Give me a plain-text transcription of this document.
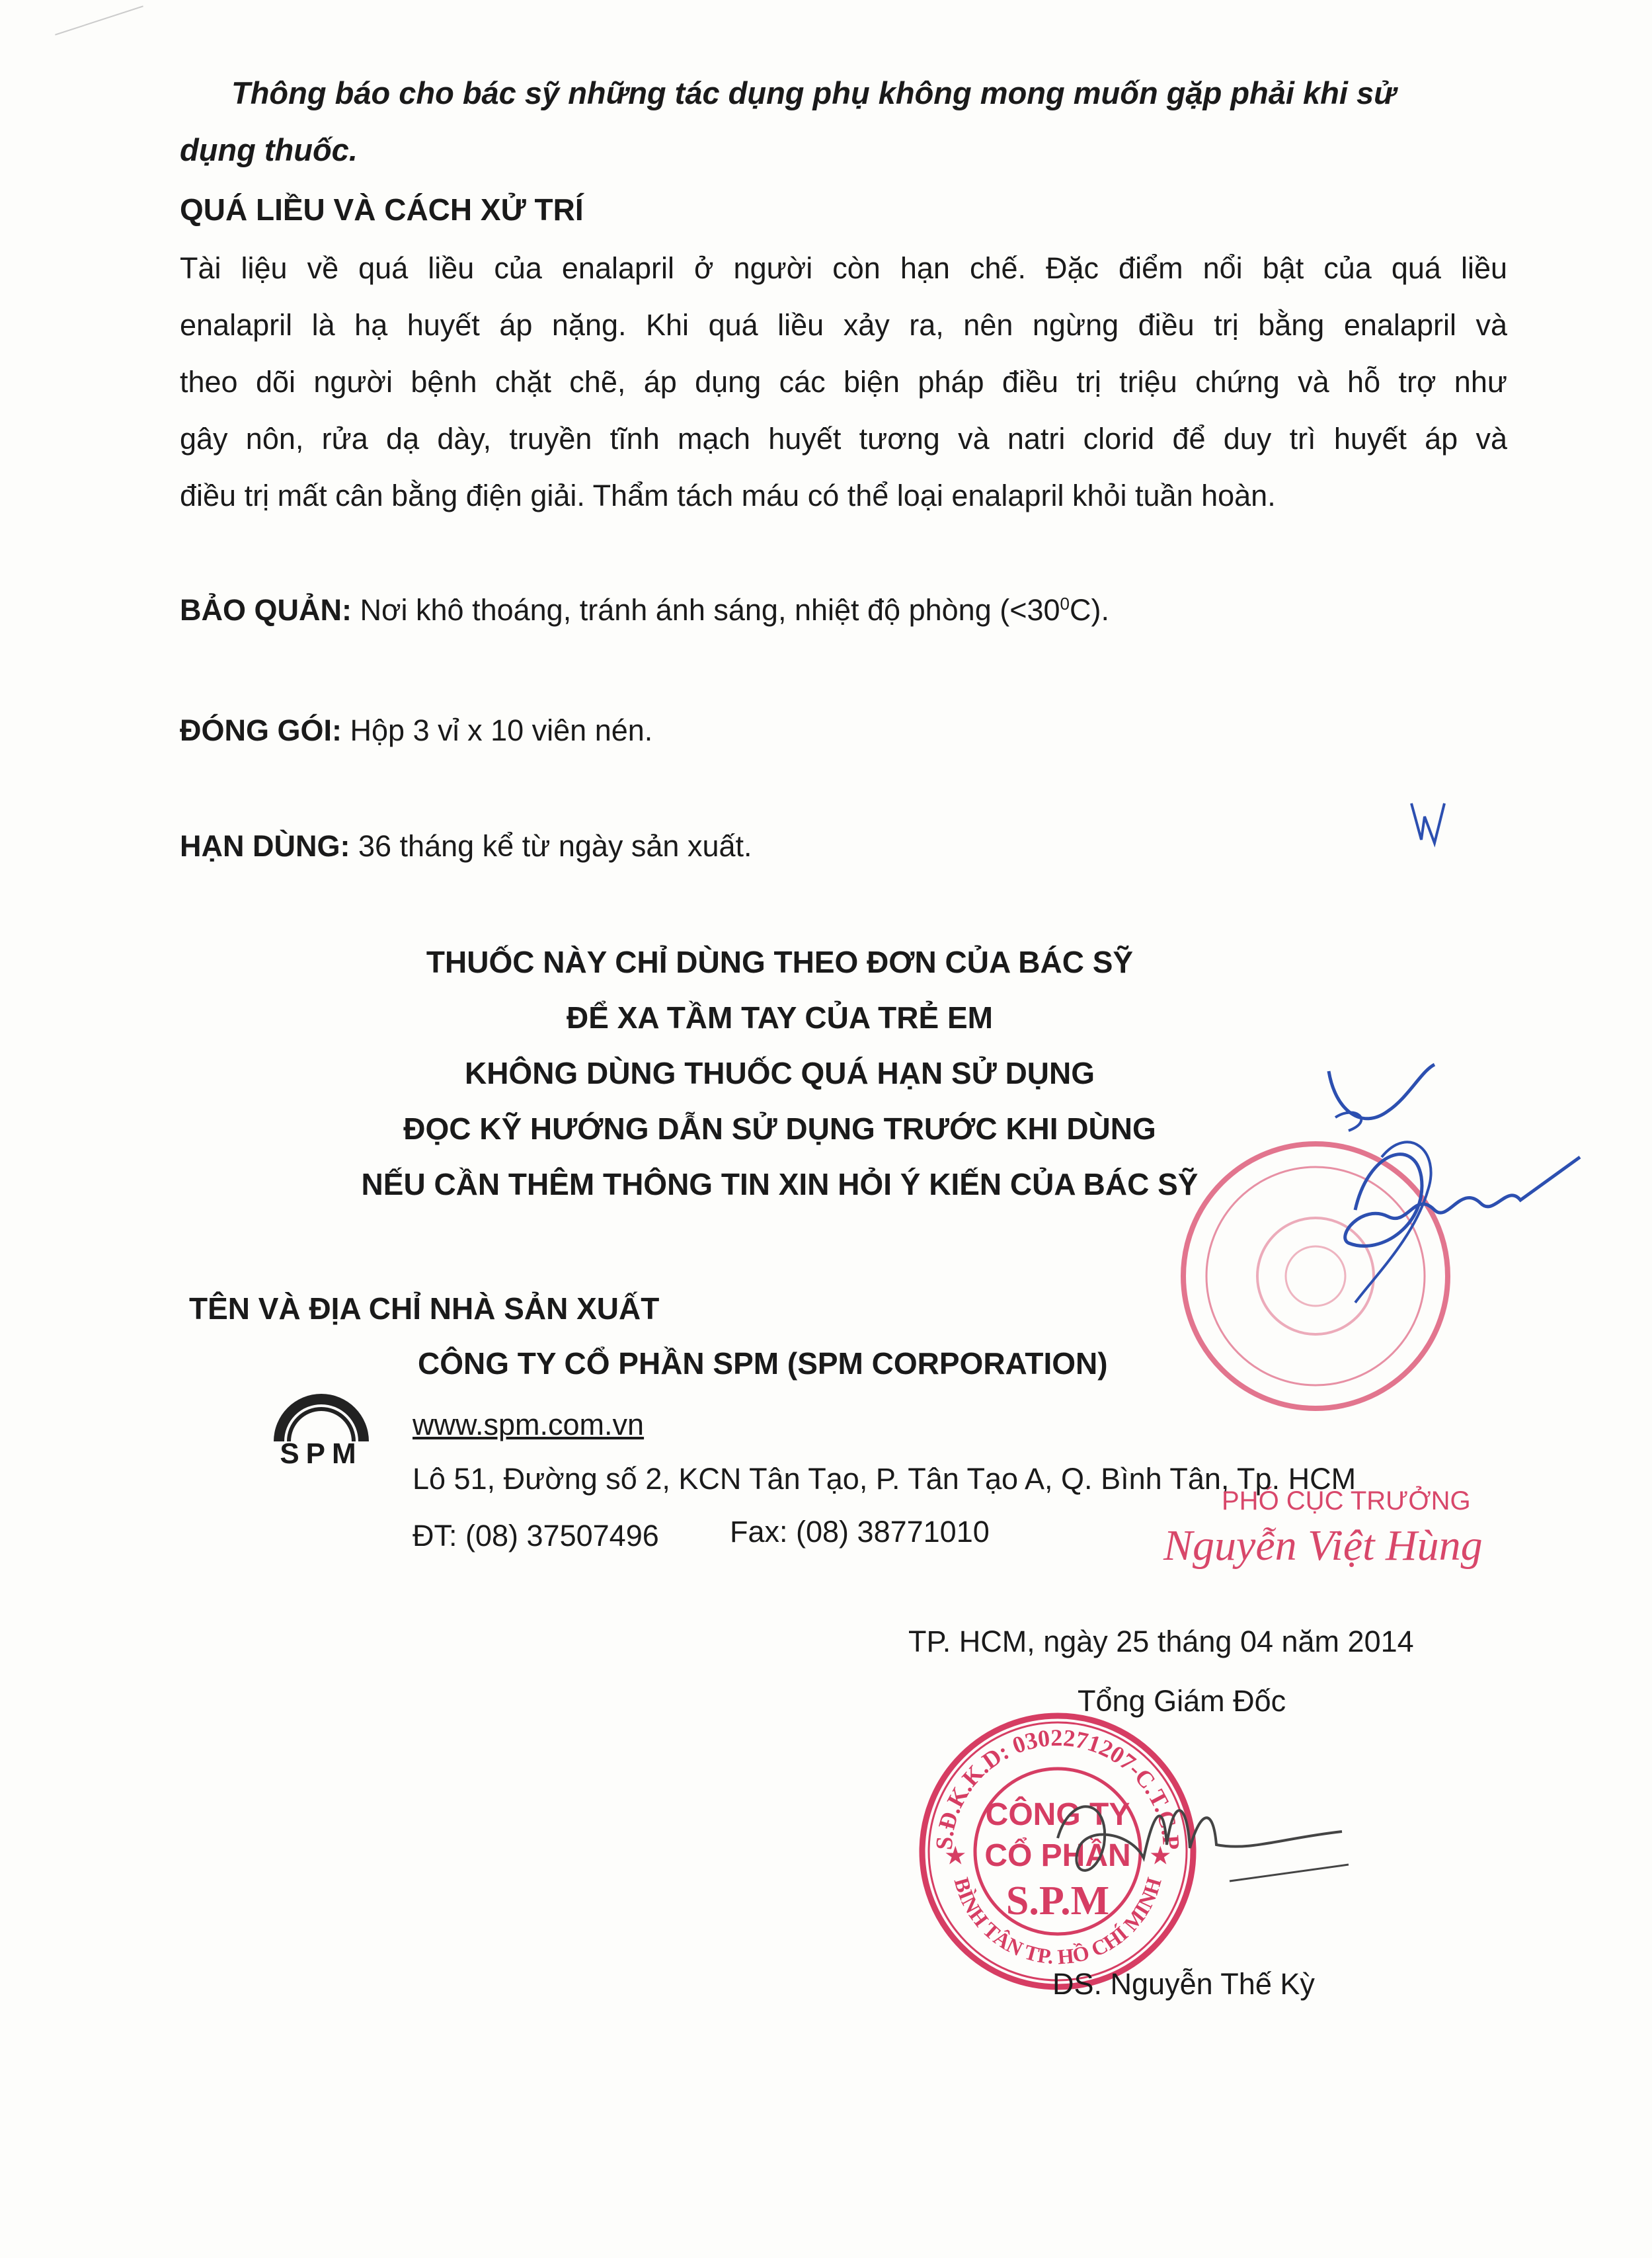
Thông báo cho bác sỹ những tác dụng phụ không mong muốn gặp phải khi sử
dụng thuốc.
QUÁ LIỀU VÀ CÁCH XỬ TRÍ
Tài liệu về quá liều của enalapril ở người còn hạn chế. Đặc điểm nổi bật của quá liều
enalapril là hạ huyết áp nặng. Khi quá liều xảy ra, nên ngừng điều trị bằng enalapril và
theo dõi người bệnh chặt chẽ, áp dụng các biện pháp điều trị triệu chứng và hỗ trợ như
gây nôn, rửa dạ dày, truyền tĩnh mạch huyết tương và natri clorid để duy trì huyết áp và
điều trị mất cân bằng điện giải. Thẩm tách máu có thể loại enalapril khỏi tuần hoàn.
BẢO QUẢN: Nơi khô thoáng, tránh ánh sáng, nhiệt độ phòng $(<30^0C)$.
ĐÓNG GÓI: Hộp 3 vỉ x 10 viên nén.
HẠN DÙNG: 36 tháng kể từ ngày sản xuất.
THUỐC NÀY CHỈ DÙNG THEO ĐƠN CỦA BÁC SỸ
ĐỂ XA TẦM TAY CỦA TRẺ EM
KHÔNG DÙNG THUỐC QUÁ HẠN SỬ DỤNG
ĐỌC KỸ HƯỚNG DẪN SỬ DỤNG TRƯỚC KHI DÙNG
NẾU CẦN THÊM THÔNG TIN XIN HỎI Ý KIẾN CỦA BÁC SỸ
TÊN VÀ ĐỊA CHỈ NHÀ SẢN XUẤT
CÔNG TY CỔ PHẦN SPM (SPM CORPORATION)
SPM
www.spm.com.vn
Lô 51, Đường số 2, KCN Tân Tạo, P. Tân Tạo A, Q. Bình Tân, Tp. HCM
ĐT: (08) 37507496 Fax: (08) 38771010
PHÓ CỤC TRƯỞNG
Nguyễn Việt Hùng
TP. HCM, ngày 25 tháng 04 năm 2014
Tổng Giám Đốc
S.Đ.K.K.D: 0302271207-C.T.C.P
BÌNH TÂN TP. HỒ CHÍ MINH
CÔNG TY
CỔ PHẦN
S.P.M
★	★
DS. Nguyễn Thế Kỳ
